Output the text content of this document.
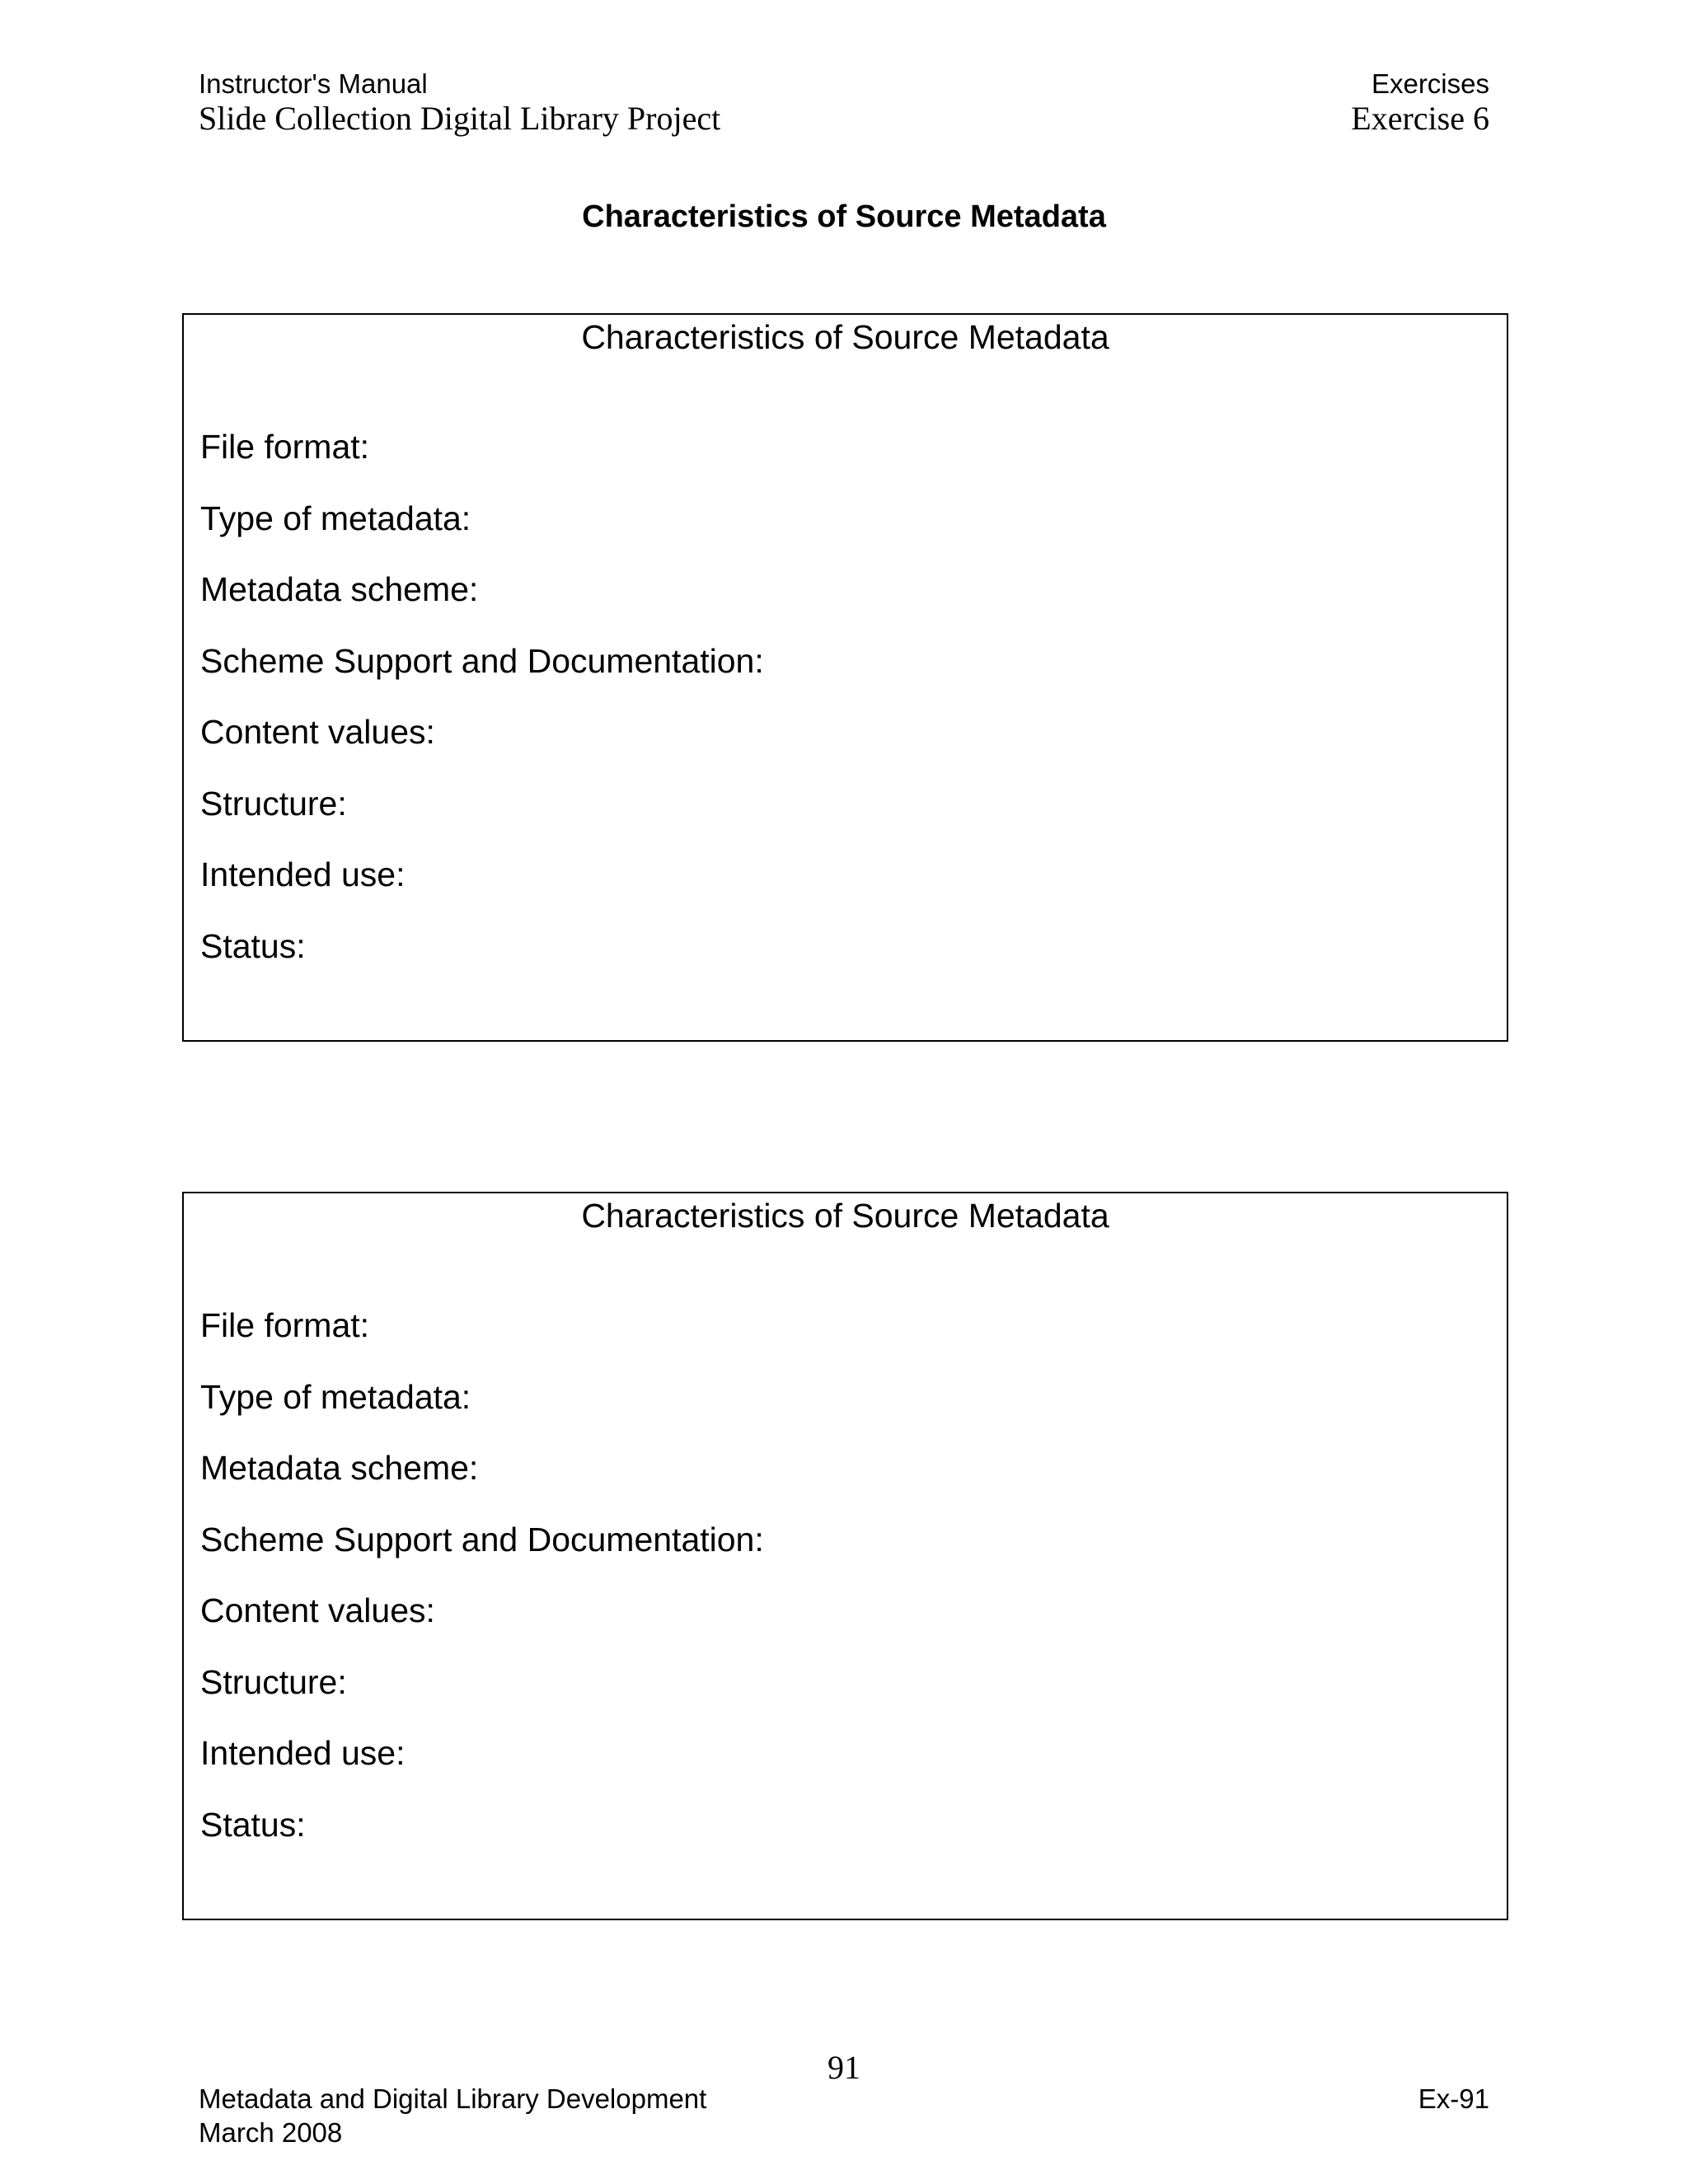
Instructor's Manual
Slide Collection Digital Library Project
Exercises
Exercise 6
Characteristics of Source Metadata
Characteristics of Source Metadata
File format:
Type of metadata:
Metadata scheme:
Scheme Support and Documentation:
Content values:
Structure:
Intended use:
Status:
Characteristics of Source Metadata
File format:
Type of metadata:
Metadata scheme:
Scheme Support and Documentation:
Content values:
Structure:
Intended use:
Status:
91
Metadata and Digital Library Development
March 2008
Ex-91
